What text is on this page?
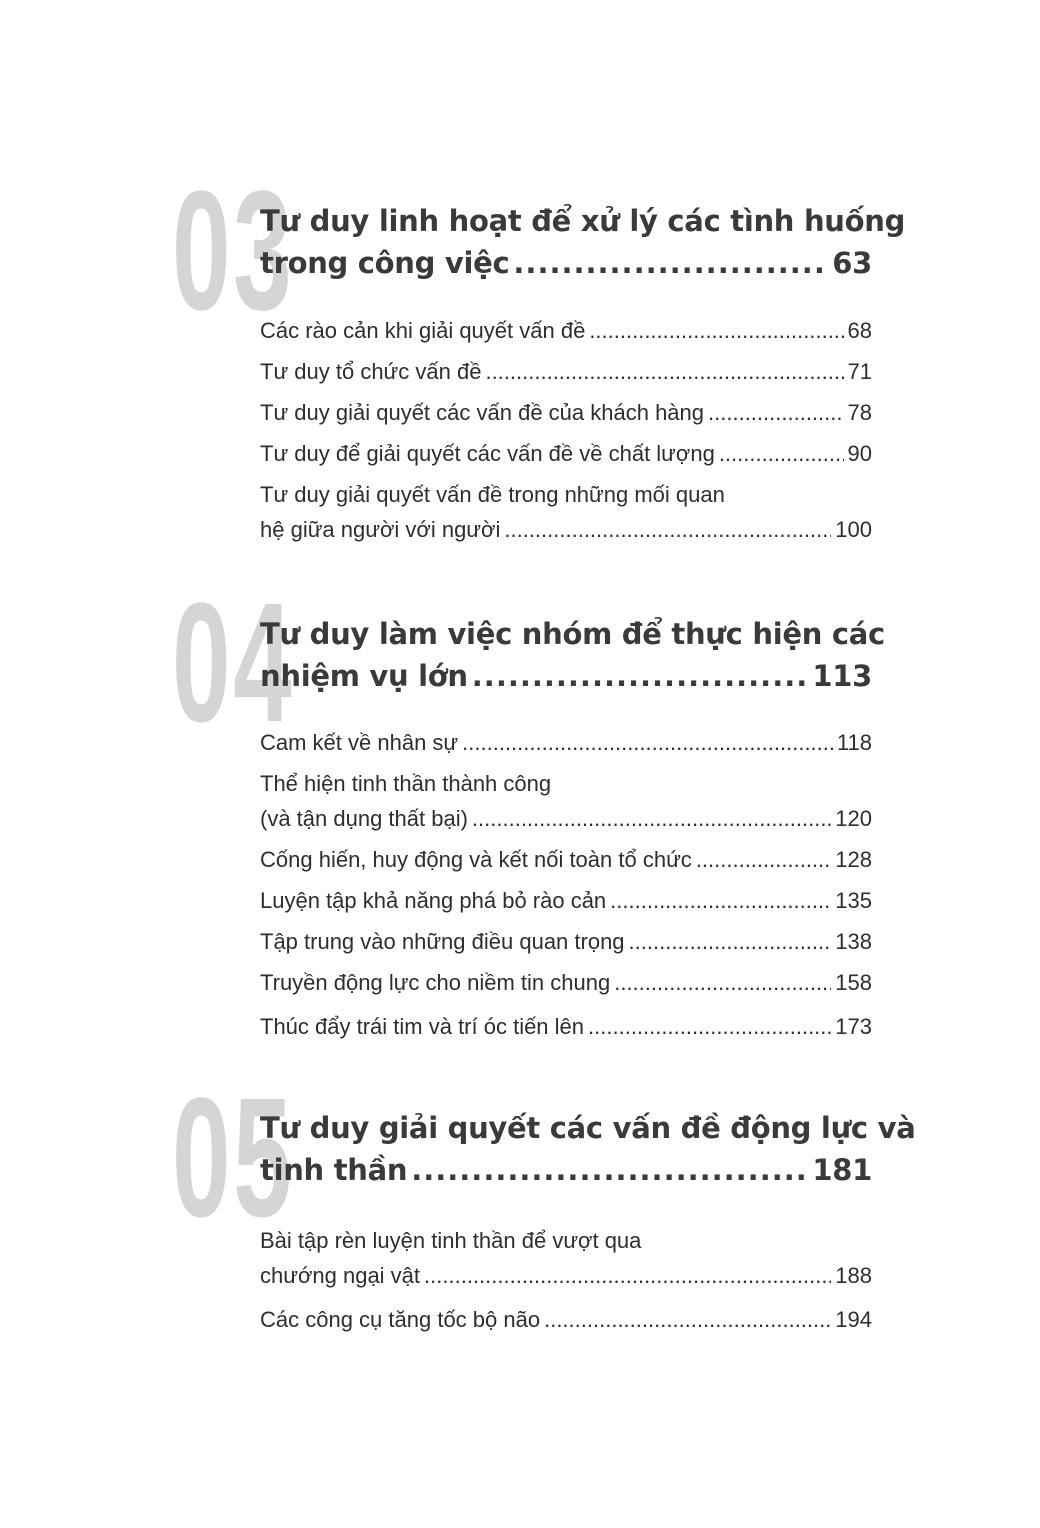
03
Tư duy linh hoạt để xử lý các tình huống
trong công việc .....	63
Các rào cản khi giải quyết vấn đề .....	68
Tư duy tổ chức vấn đề .....	71
Tư duy giải quyết các vấn đề của khách hàng .....	78
Tư duy để giải quyết các vấn đề về chất lượng .....	90
Tư duy giải quyết vấn đề trong những mối quan
hệ giữa người với người .....	100
04
Tư duy làm việc nhóm để thực hiện các
nhiệm vụ lớn .....	113
Cam kết về nhân sự .....	118
Thể hiện tinh thần thành công
(và tận dụng thất bại) .....	120
Cống hiến, huy động và kết nối toàn tổ chức .....	128
Luyện tập khả năng phá bỏ rào cản .....	135
Tập trung vào những điều quan trọng .....	138
Truyền động lực cho niềm tin chung .....	158
Thúc đẩy trái tim và trí óc tiến lên .....	173
05
Tư duy giải quyết các vấn đề động lực và
tinh thần .....	181
Bài tập rèn luyện tinh thần để vượt qua
chướng ngại vật .....	188
Các công cụ tăng tốc bộ não .....	194
